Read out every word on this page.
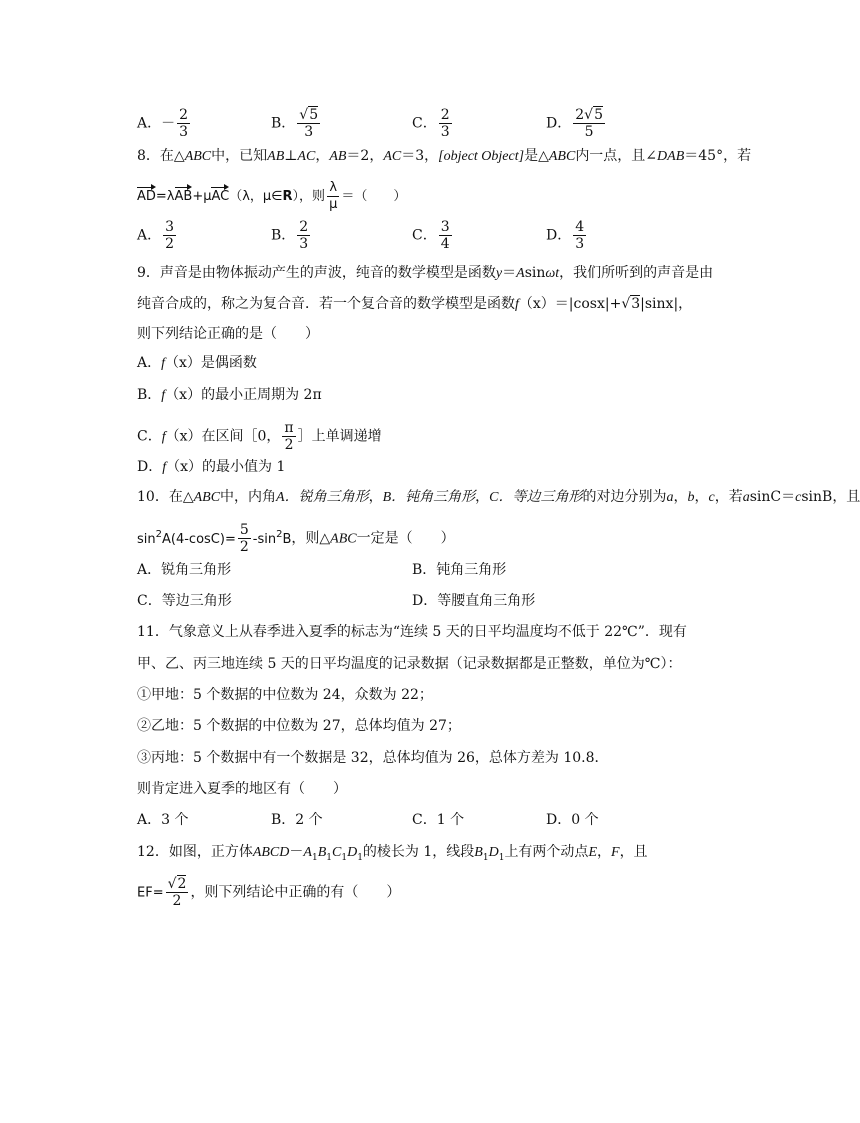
A．－ $\frac{2}{3}$	B． $\frac{√5}{3}$	C． $\frac{2}{3}$	D． $\frac{2√5}{5}$
8．在△ABC中，已知AB⊥AC，AB＝2，AC＝3，[object Object]是△ABC内一点，且∠DAB＝45°，若
AD=λAB+μAC（λ，μ∈R），则 $\frac{\lambda}{\mu}$ ＝（　　）
A． $\frac{3}{2}$	B． $\frac{2}{3}$	C． $\frac{3}{4}$	D． $\frac{4}{3}$
9．声音是由物体振动产生的声波，纯音的数学模型是函数y＝Asinωt，我们所听到的声音是由
纯音合成的，称之为复合音．若一个复合音的数学模型是函数f（x）＝|cosx|+√3|sinx|，
则下列结论正确的是（　　）
A．f（x）是偶函数
B．f（x）的最小正周期为 2π
C．f（x）在区间［0， $\frac{\pi}{2}$ ］上单调递增
D．f（x）的最小值为 1
10．在△ABC中，内角A．锐角三角形，B．钝角三角形，C．等边三角形的对边分别为a，b，c，若asinC＝csinB，且
$\sin^2A(4-\cos C)= \frac{5}{2} -\sin^2B$，则△ABC一定是（　　）
A．锐角三角形	B．钝角三角形
C．等边三角形	D．等腰直角三角形
11．气象意义上从春季进入夏季的标志为“连续 5 天的日平均温度均不低于 22℃”．现有
甲、乙、丙三地连续 5 天的日平均温度的记录数据（记录数据都是正整数，单位为℃）：
①甲地：5 个数据的中位数为 24，众数为 22；
②乙地：5 个数据的中位数为 27，总体均值为 27；
③丙地：5 个数据中有一个数据是 32，总体均值为 26，总体方差为 10.8．
则肯定进入夏季的地区有（　　）
A．3 个	B．2 个	C．1 个	D．0 个
12．如图，正方体$ABCD-A_1B_1C_1D_1$的棱长为 1，线段$B_1D_1$上有两个动点E，F，且
$EF= \frac{√2}{2}$ ，则下列结论中正确的有（　　）
